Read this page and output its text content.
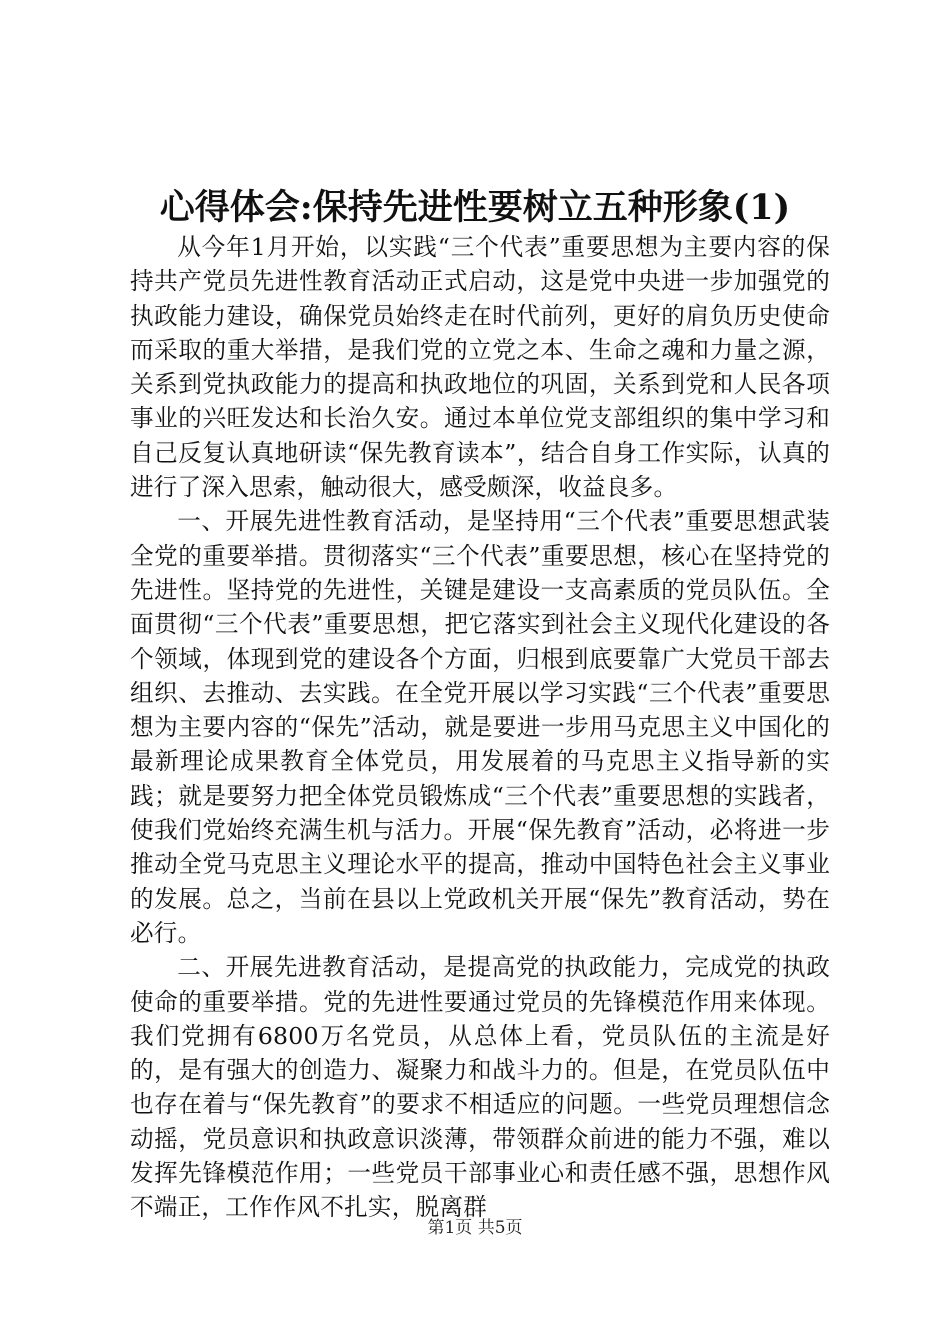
心得体会:保持先进性要树立五种形象(1)

从今年1月开始，以实践“三个代表”重要思想为主要内容的保持共产党员先进性教育活动正式启动，这是党中央进一步加强党的执政能力建设，确保党员始终走在时代前列，更好的肩负历史使命而采取的重大举措，是我们党的立党之本、生命之魂和力量之源，关系到党执政能力的提高和执政地位的巩固，关系到党和人民各项事业的兴旺发达和长治久安。通过本单位党支部组织的集中学习和自己反复认真地研读“保先教育读本”，结合自身工作实际，认真的进行了深入思索，触动很大，感受颇深，收益良多。

一、开展先进性教育活动，是坚持用“三个代表”重要思想武装全党的重要举措。贯彻落实“三个代表”重要思想，核心在坚持党的先进性。坚持党的先进性，关键是建设一支高素质的党员队伍。全面贯彻“三个代表”重要思想，把它落实到社会主义现代化建设的各个领域，体现到党的建设各个方面，归根到底要靠广大党员干部去组织、去推动、去实践。在全党开展以学习实践“三个代表”重要思想为主要内容的“保先”活动，就是要进一步用马克思主义中国化的最新理论成果教育全体党员，用发展着的马克思主义指导新的实践；就是要努力把全体党员锻炼成“三个代表”重要思想的实践者，使我们党始终充满生机与活力。开展“保先教育”活动，必将进一步推动全党马克思主义理论水平的提高，推动中国特色社会主义事业的发展。总之，当前在县以上党政机关开展“保先”教育活动，势在必行。

二、开展先进教育活动，是提高党的执政能力，完成党的执政使命的重要举措。党的先进性要通过党员的先锋模范作用来体现。我们党拥有6800万名党员，从总体上看，党员队伍的主流是好的，是有强大的创造力、凝聚力和战斗力的。但是，在党员队伍中也存在着与“保先教育”的要求不相适应的问题。一些党员理想信念动摇，党员意识和执政意识淡薄，带领群众前进的能力不强，难以发挥先锋模范作用；一些党员干部事业心和责任感不强，思想作风不端正，工作作风不扎实，脱离群

第1页 共5页
